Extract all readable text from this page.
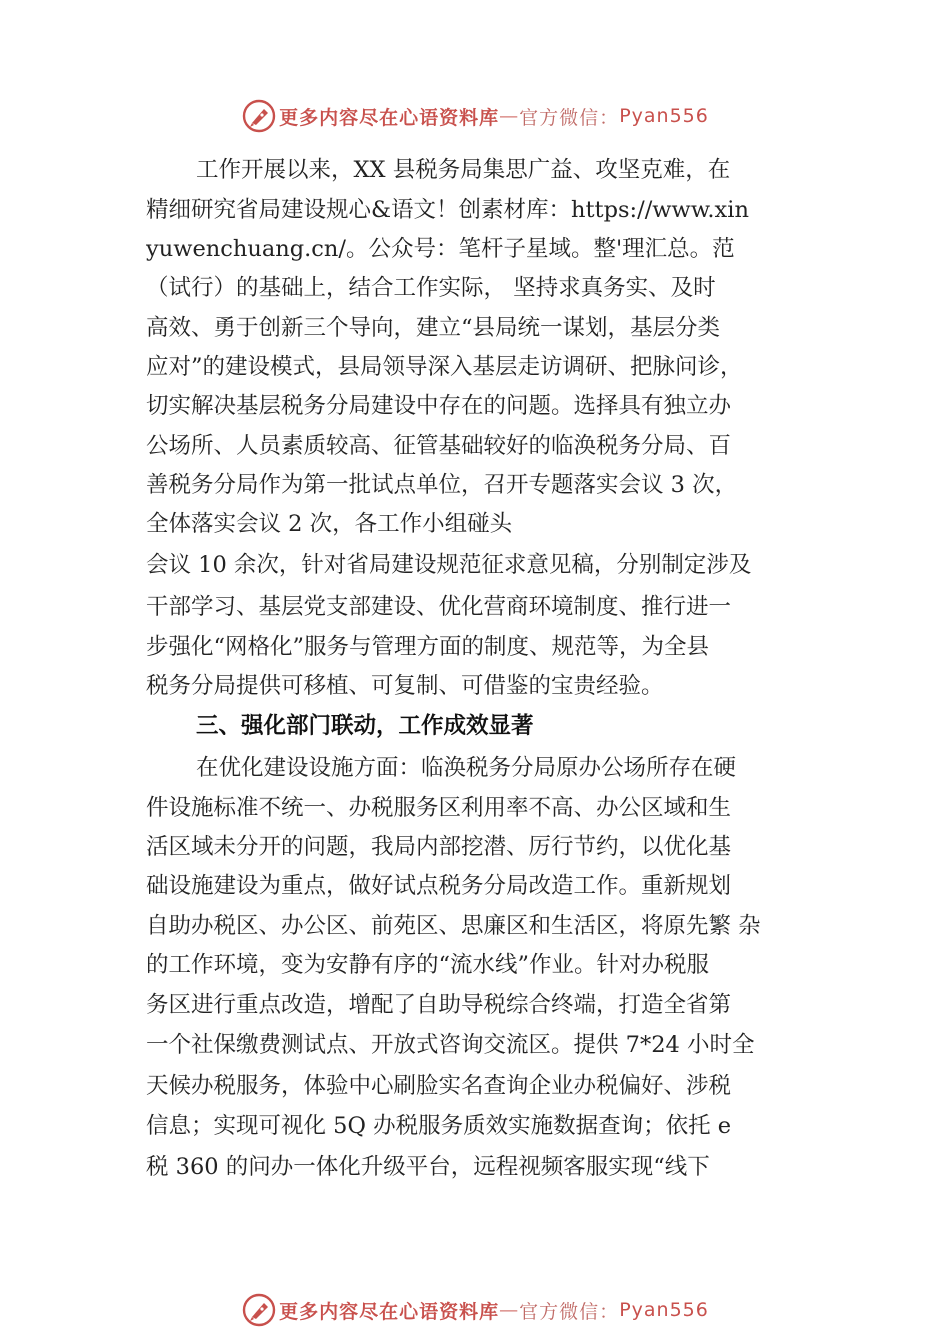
更多内容尽在心语资料库 — 官方微信： Pyan556
工作开展以来，XX 县税务局集思广益、攻坚克难，在
精细研究省局建设规心&语文！创素材库：https://www.xin
yuwenchuang.cn/。公众号：笔杆子星域。整'理汇总。范
（试行）的基础上，结合工作实际， 坚持求真务实、及时
高效、勇于创新三个导向，建立“县局统一谋划，基层分类
应对”的建设模式，县局领导深入基层走访调研、把脉问诊，
切实解决基层税务分局建设中存在的问题。选择具有独立办
公场所、人员素质较高、征管基础较好的临涣税务分局、百
善税务分局作为第一批试点单位，召开专题落实会议 3 次，
全体落实会议 2 次，各工作小组碰头
会议 10 余次，针对省局建设规范征求意见稿，分别制定涉及
干部学习、基层党支部建设、优化营商环境制度、推行进一
步强化“网格化”服务与管理方面的制度、规范等，为全县
税务分局提供可移植、可复制、可借鉴的宝贵经验。
三、强化部门联动，工作成效显著
在优化建设设施方面：临涣税务分局原办公场所存在硬
件设施标准不统一、办税服务区利用率不高、办公区域和生
活区域未分开的问题，我局内部挖潜、厉行节约，以优化基
础设施建设为重点，做好试点税务分局改造工作。重新规划
自助办税区、办公区、前苑区、思廉区和生活区，将原先繁 杂
的工作环境，变为安静有序的“流水线”作业。针对办税服
务区进行重点改造，增配了自助导税综合终端，打造全省第
一个社保缴费测试点、开放式咨询交流区。提供 7*24 小时全
天候办税服务，体验中心刷脸实名查询企业办税偏好、涉税
信息；实现可视化 5Q 办税服务质效实施数据查询；依托 e
税 360 的问办一体化升级平台，远程视频客服实现“线下
更多内容尽在心语资料库 — 官方微信： Pyan556
